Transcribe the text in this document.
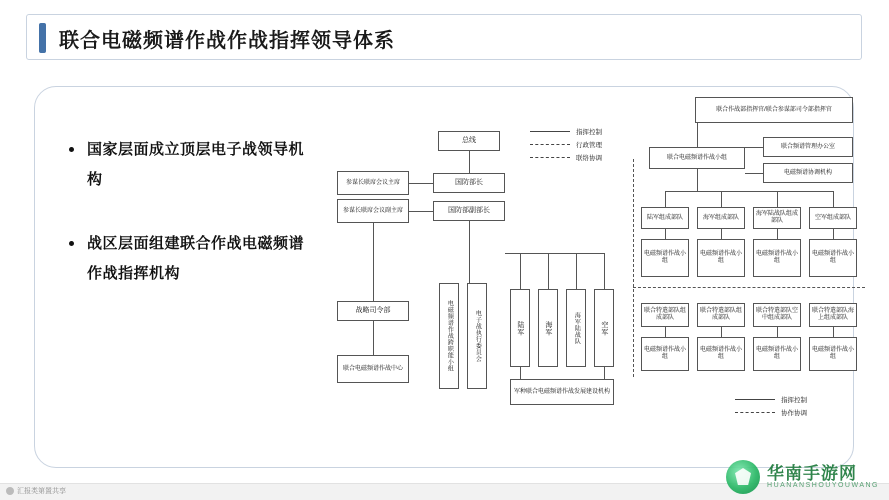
联合电磁频谱作战作战指挥领导体系
国家层面成立顶层电子战领导机构
战区层面组建联合作战电磁频谱作战指挥机构
总线
国防部长
国防部副部长
参谋长联席会议主席
参谋长联席会议副主席
战略司令部
联合电磁频谱作战中心	电磁频谱作战跨职能小组	电子战执行委员会	陆军	海军	海军陆战队	空军
军种联合电磁频谱作战发展建设机构
指挥控制
行政管理
联络协调
联合作战部指挥官/联合参谋部司令部指挥官
联合电磁频谱作战小组
联合频谱管理办公室
电磁频谱协调机构
陆军组成部队	海军组成部队
海军陆战队组成部队
空军组成部队
电磁频谱作战小组
电磁频谱作战小组
电磁频谱作战小组
电磁频谱作战小组
联合特遣部队组成部队
联合特遣部队组成部队
联合特遣部队空中组成部队
联合特遣部队海上组成部队
电磁频谱作战小组
电磁频谱作战小组
电磁频谱作战小组
电磁频谱作战小组
指挥控制
协作协调
汇报类第置共享
华南手游网
HUANANSHOUYOUWANG
